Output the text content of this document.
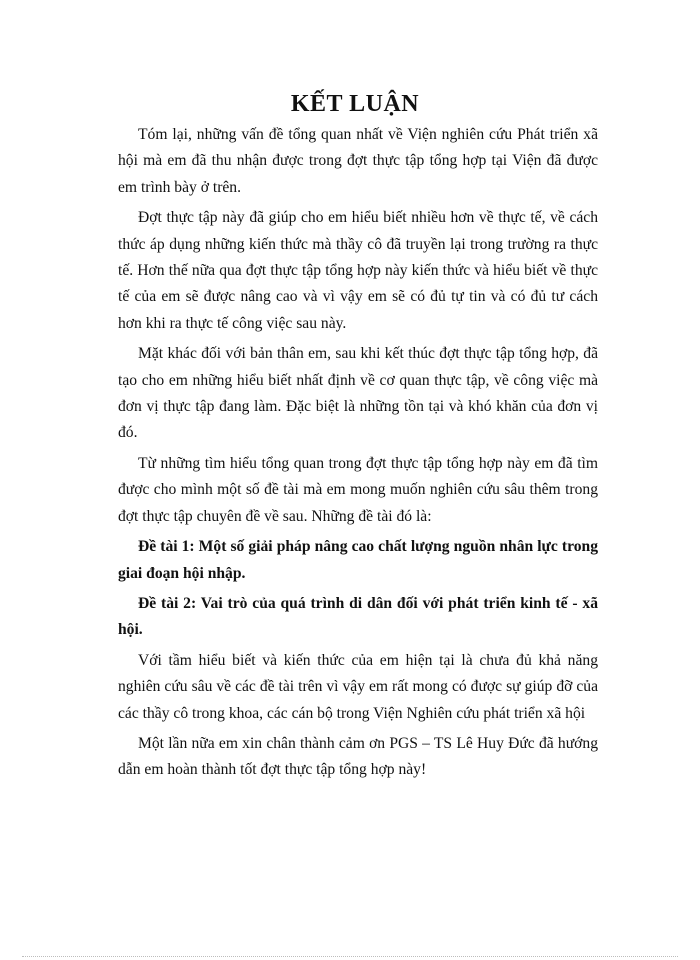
KẾT LUẬN

Tóm lại, những vấn đề tổng quan nhất về Viện nghiên cứu Phát triển xã hội mà em đã thu nhận được trong đợt thực tập tổng hợp tại Viện đã được em trình bày ở trên.

Đợt thực tập này đã giúp cho em hiểu biết nhiều hơn về thực tế, về cách thức áp dụng những kiến thức mà thầy cô đã truyền lại trong trường ra thực tế. Hơn thế nữa qua đợt thực tập tổng hợp này kiến thức và hiểu biết về thực tế của em sẽ được nâng cao và vì vậy em sẽ có đủ tự tin và có đủ tư cách hơn khi ra thực tế công việc sau này.

Mặt khác đối với bản thân em, sau khi kết thúc đợt thực tập tổng hợp, đã tạo cho em những hiểu biết nhất định về cơ quan thực tập, về công việc mà đơn vị thực tập đang làm. Đặc biệt là những tồn tại và khó khăn của đơn vị đó.

Từ những tìm hiểu tổng quan trong đợt thực tập tổng hợp này em đã tìm được cho mình một số đề tài mà em mong muốn nghiên cứu sâu thêm trong đợt thực tập chuyên đề về sau. Những đề tài đó là:

Đề tài 1: Một số giải pháp nâng cao chất lượng nguồn nhân lực trong giai đoạn hội nhập.

Đề tài 2: Vai trò của quá trình di dân đối với phát triển kinh tế - xã hội.

Với tầm hiểu biết và kiến thức của em hiện tại là chưa đủ khả năng nghiên cứu sâu về các đề tài trên vì vậy em rất mong có được sự giúp đỡ của các thầy cô trong khoa, các cán bộ trong Viện Nghiên cứu phát triển xã hội

Một lần nữa em xin chân thành cảm ơn PGS – TS Lê Huy Đức đã hướng dẫn em hoàn thành tốt đợt thực tập tổng hợp này!
